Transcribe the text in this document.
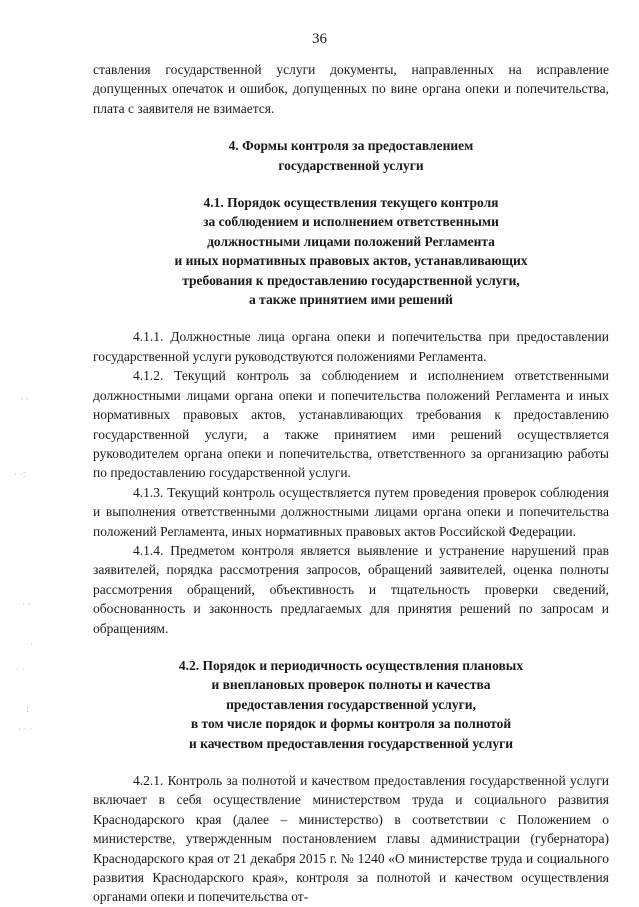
· ·
· ·:
· ·
·
· ·
:
· · ·
36

ставления государственной услуги документы, направленных на исправление допущенных опечаток и ошибок, допущенных по вине органа опеки и попечительства, плата с заявителя не взимается.

4. Формы контроля за предоставлением
государственной услуги
4.1. Порядок осуществления текущего контроля
за соблюдением и исполнением ответственными
должностными лицами положений Регламента
и иных нормативных правовых актов, устанавливающих
требования к предоставлению государственной услуги,
а также принятием ими решений

4.1.1. Должностные лица органа опеки и попечительства при предоставлении государственной услуги руководствуются положениями Регламента.

4.1.2. Текущий контроль за соблюдением и исполнением ответственными должностными лицами органа опеки и попечительства положений Регламента и иных нормативных правовых актов, устанавливающих требования к предоставлению государственной услуги, а также принятием ими решений осуществляется руководителем органа опеки и попечительства, ответственного за организацию работы по предоставлению государственной услуги.

4.1.3. Текущий контроль осуществляется путем проведения проверок соблюдения и выполнения ответственными должностными лицами органа опеки и попечительства положений Регламента, иных нормативных правовых актов Российской Федерации.

4.1.4. Предметом контроля является выявление и устранение нарушений прав заявителей, порядка рассмотрения запросов, обращений заявителей, оценка полноты рассмотрения обращений, объективность и тщательность проверки сведений, обоснованность и законность предлагаемых для принятия решений по запросам и обращениям.

4.2. Порядок и периодичность осуществления плановых
и внеплановых проверок полноты и качества
предоставления государственной услуги,
в том числе порядок и формы контроля за полнотой
и качеством предоставления государственной услуги

4.2.1. Контроль за полнотой и качеством предоставления государственной услуги включает в себя осуществление министерством труда и социального развития Краснодарского края (далее – министерство) в соответствии с Положением о министерстве, утвержденным постановлением главы администрации (губернатора) Краснодарского края от 21 декабря 2015 г. № 1240 «О министерстве труда и социального развития Краснодарского края», контроля за полнотой и качеством осуществления органами опеки и попечительства от-
